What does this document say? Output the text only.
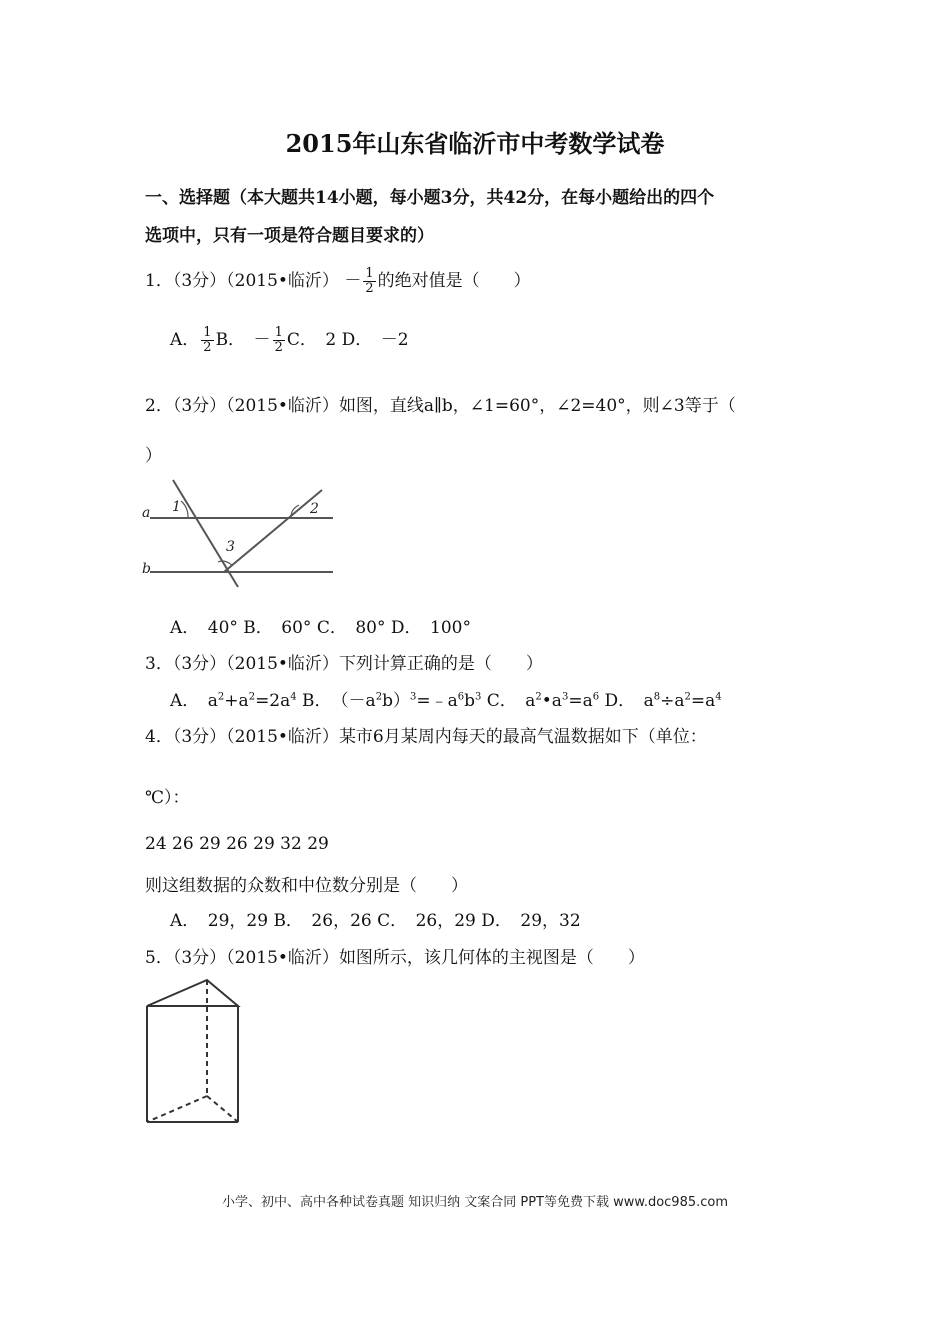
2015年山东省临沂市中考数学试卷
一、选择题（本大题共14小题，每小题3分，共42分，在每小题给出的四个
选项中，只有一项是符合题目要求的）
1．（3分）（2015•临沂） － $\frac{1}{2}$ 的绝对值是（　　）
A． $\frac{1}{2}$ B．　－ $\frac{1}{2}$ C．　2 D．　－2
2．（3分）（2015•临沂）如图，直线a∥b，∠1=60°，∠2=40°，则∠3等于（
）
a
b
1	2
3
A．　40° B．　60° C．　80° D．　100°
3．（3分）（2015•临沂）下列计算正确的是（　　）
A．　$a^2+a^2=2a^4$ B．　$(-a^2b)^3=﹣a^6b^3$ C．　$a^2•a^3=a^6$ D．　$a^8\div a^2=a^4$
4．（3分）（2015•临沂）某市6月某周内每天的最高气温数据如下（单位：
℃）：
24 26 29 26 29 32 29
则这组数据的众数和中位数分别是（　　）
A．　29，29 B．　26，26 C．　26，29 D．　29，32
5．（3分）（2015•临沂）如图所示，该几何体的主视图是（　　）
小学、初中、高中各种试卷真题 知识归纳 文案合同 PPT等免费下载 www.doc985.com
